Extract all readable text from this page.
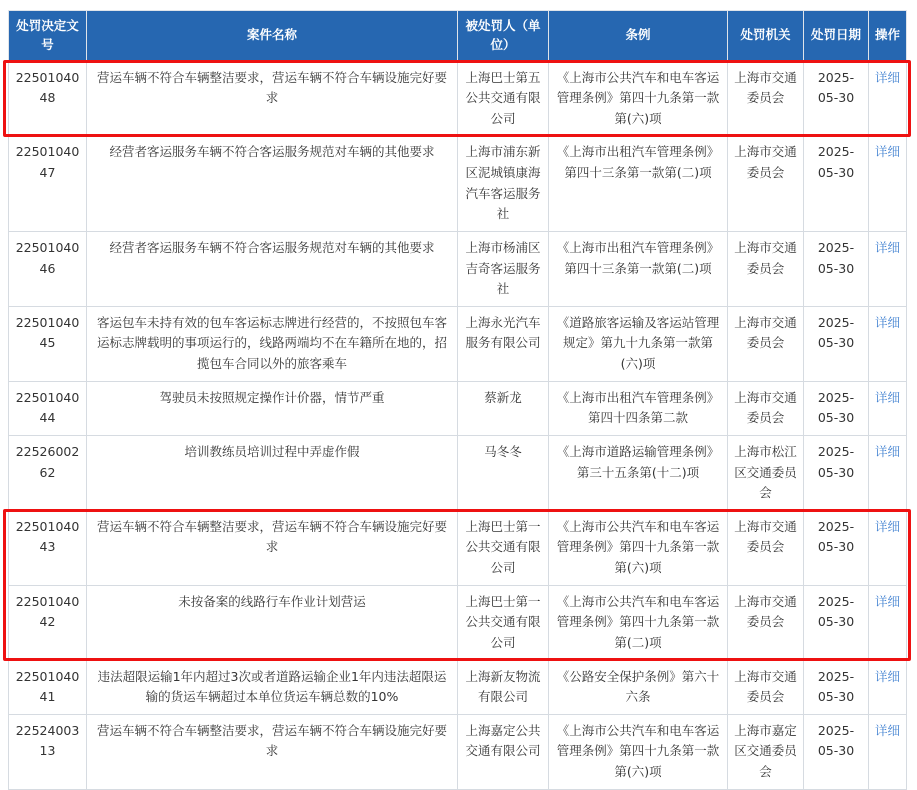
处罚决定文号	案件名称	被处罚人（单位）	条例	处罚机关	处罚日期	操作
2250104048	营运车辆不符合车辆整洁要求，营运车辆不符合车辆设施完好要求	上海巴士第五公共交通有限公司	《上海市公共汽车和电车客运管理条例》第四十九条第一款第(六)项	上海市交通委员会	2025-05-30	详细
2250104047	经营者客运服务车辆不符合客运服务规范对车辆的其他要求	上海市浦东新区泥城镇康海汽车客运服务社	《上海市出租汽车管理条例》第四十三条第一款第(二)项	上海市交通委员会	2025-05-30	详细
2250104046	经营者客运服务车辆不符合客运服务规范对车辆的其他要求	上海市杨浦区吉奇客运服务社	《上海市出租汽车管理条例》第四十三条第一款第(二)项	上海市交通委员会	2025-05-30	详细
2250104045	客运包车未持有效的包车客运标志牌进行经营的，不按照包车客运标志牌载明的事项运行的，线路两端均不在车籍所在地的，招揽包车合同以外的旅客乘车	上海永光汽车服务有限公司	《道路旅客运输及客运站管理规定》第九十九条第一款第(六)项	上海市交通委员会	2025-05-30	详细
2250104044	驾驶员未按照规定操作计价器，情节严重	蔡新龙	《上海市出租汽车管理条例》第四十四条第二款	上海市交通委员会	2025-05-30	详细
2252600262	培训教练员培训过程中弄虚作假	马冬冬	《上海市道路运输管理条例》第三十五条第(十二)项	上海市松江区交通委员会	2025-05-30	详细
2250104043	营运车辆不符合车辆整洁要求，营运车辆不符合车辆设施完好要求	上海巴士第一公共交通有限公司	《上海市公共汽车和电车客运管理条例》第四十九条第一款第(六)项	上海市交通委员会	2025-05-30	详细
2250104042	未按备案的线路行车作业计划营运	上海巴士第一公共交通有限公司	《上海市公共汽车和电车客运管理条例》第四十九条第一款第(二)项	上海市交通委员会	2025-05-30	详细
2250104041	违法超限运输1年内超过3次或者道路运输企业1年内违法超限运输的货运车辆超过本单位货运车辆总数的10%	上海新友物流有限公司	《公路安全保护条例》第六十六条	上海市交通委员会	2025-05-30	详细
2252400313	营运车辆不符合车辆整洁要求，营运车辆不符合车辆设施完好要求	上海嘉定公共交通有限公司	《上海市公共汽车和电车客运管理条例》第四十九条第一款第(六)项	上海市嘉定区交通委员会	2025-05-30	详细
